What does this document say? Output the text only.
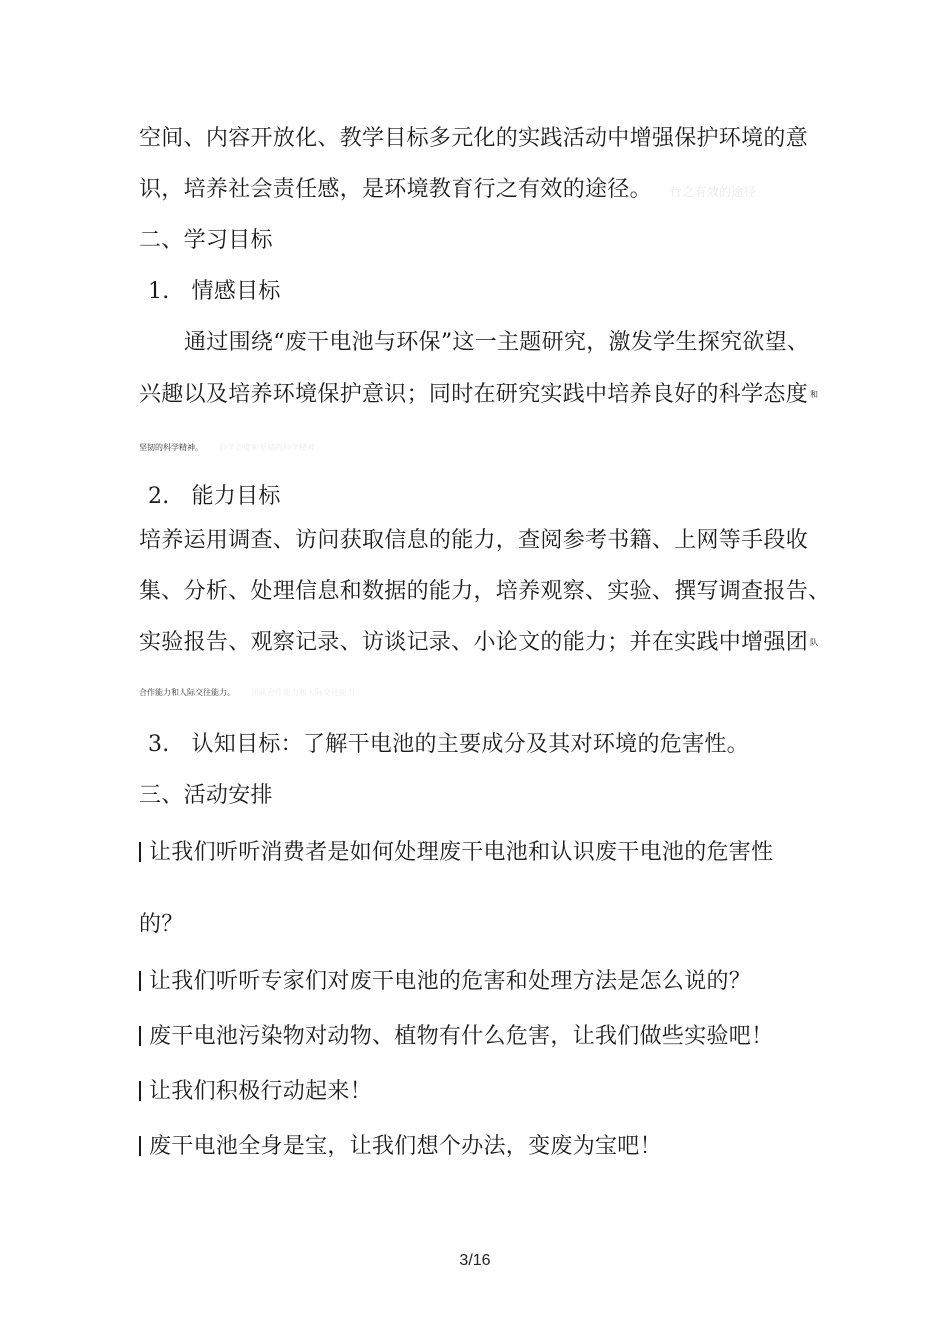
空间、内容开放化、教学目标多元化的实践活动中增强保护环境的意
识，培养社会责任感，是环境教育行之有效的途径。 行之有效的途径
二、学习目标
1.   情感目标
通过围绕“废干电池与环保”这一主题研究，激发学生探究欲望、
兴趣以及培养环境保护意识；同时在研究实践中培养良好的科学态度 $^和$
坚韧的科学精神。 科学态度和坚韧的科学精神
2.   能力目标
培养运用调查、访问获取信息的能力，查阅参考书籍、上网等手段收
集、分析、处理信息和数据的能力，培养观察、实验、撰写调查报告、
实验报告、观察记录、访谈记录、小论文的能力；并在实践中增强团 $^队$
合作能力和人际交往能力。 团队合作能力和人际交往能力
3.   认知目标：了解干电池的主要成分及其对环境的危害性。
三、活动安排
让我们听听消费者是如何处理废干电池和认识废干电池的危害性
的？
让我们听听专家们对废干电池的危害和处理方法是怎么说的？
废干电池污染物对动物、植物有什么危害，让我们做些实验吧！
让我们积极行动起来！
废干电池全身是宝，让我们想个办法，变废为宝吧！
3/16
